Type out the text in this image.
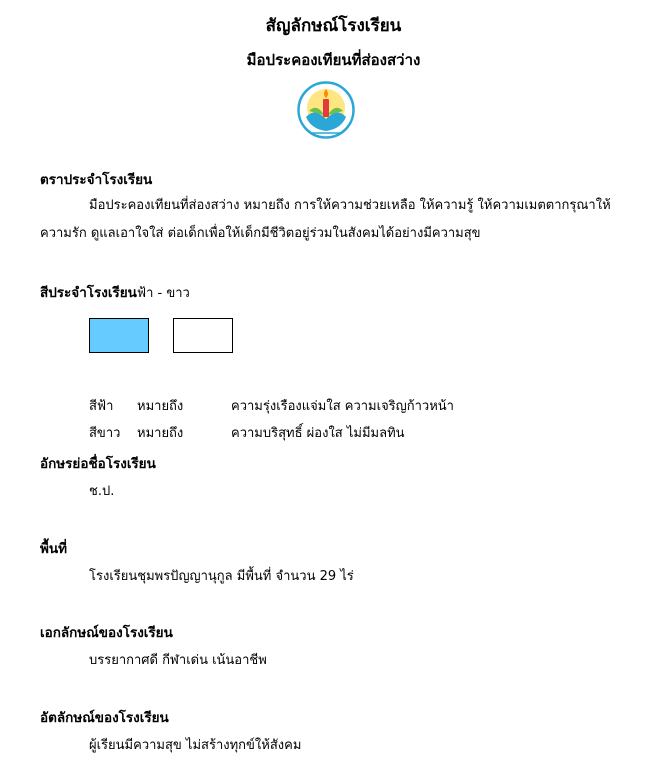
สัญลักษณ์โรงเรียน
มือประคองเทียนที่ส่องสว่าง

ตราประจำโรงเรียน

มือประคองเทียนที่ส่องสว่าง หมายถึง การให้ความช่วยเหลือ ให้ความรู้ ให้ความเมตตากรุณาให้

ความรัก ดูแลเอาใจใส่ ต่อเด็กเพื่อให้เด็กมีชีวิตอยู่ร่วมในสังคมได้อย่างมีความสุข

สีประจำโรงเรียนฟ้า - ขาว

สีฟ้า หมายถึง	ความรุ่งเรืองแจ่มใส ความเจริญก้าวหน้า

สีขาว หมายถึง	ความบริสุทธิ์ ผ่องใส ไม่มีมลทิน

อักษรย่อชื่อโรงเรียน

ช.ป.

พื้นที่

โรงเรียนชุมพรปัญญานุกูล มีพื้นที่ จำนวน 29 ไร่

เอกลักษณ์ของโรงเรียน

บรรยากาศดี กีฬาเด่น เน้นอาชีพ

อัตลักษณ์ของโรงเรียน

ผู้เรียนมีความสุข ไม่สร้างทุกข์ให้สังคม
